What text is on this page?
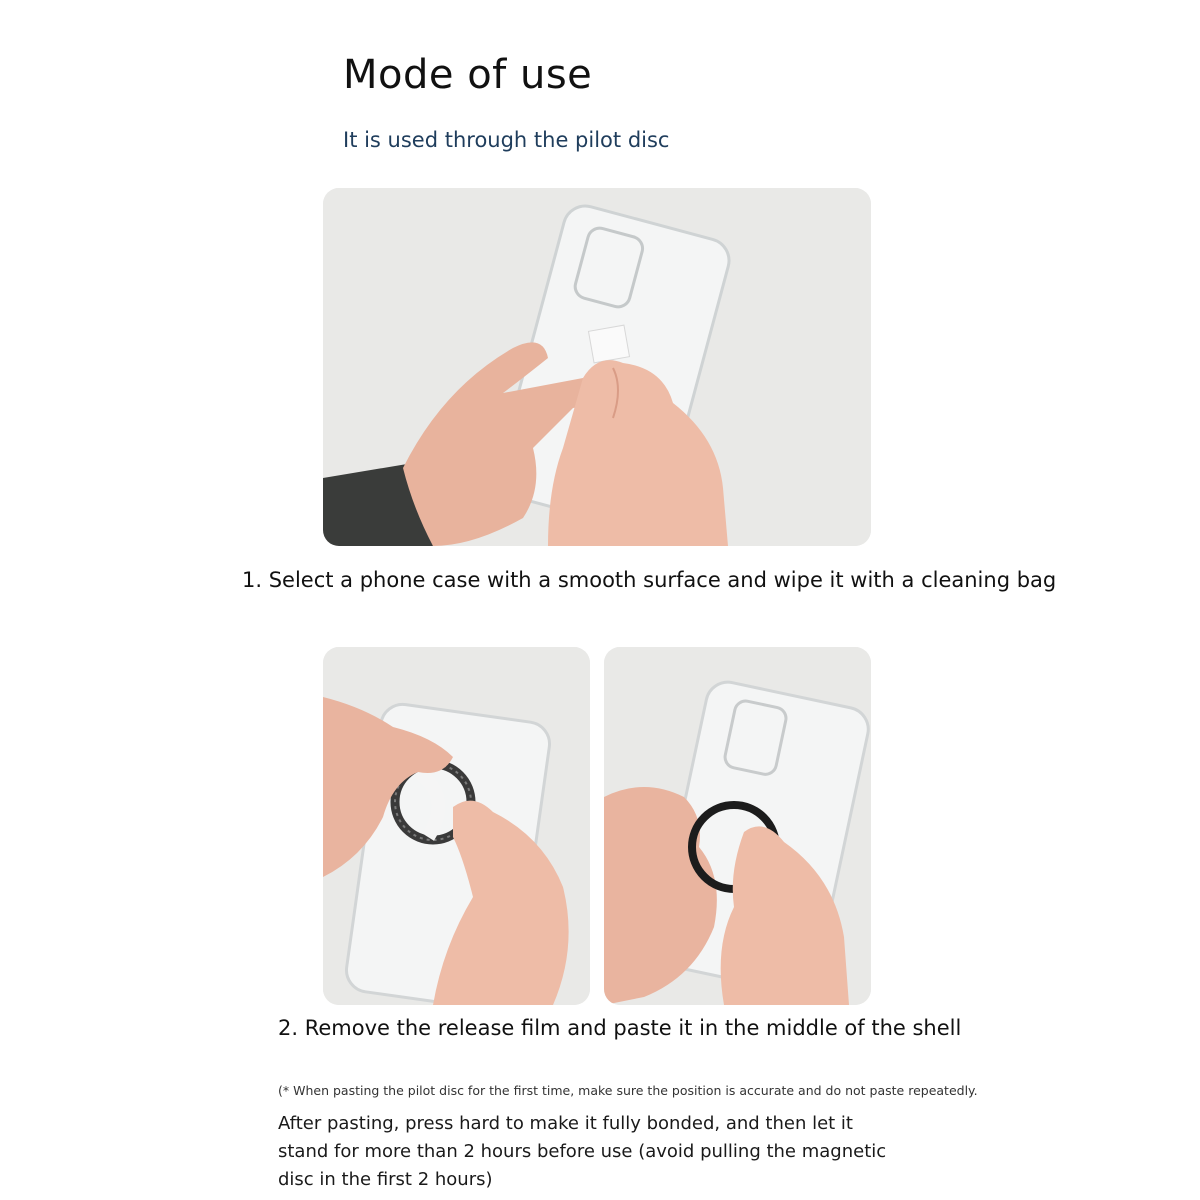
Mode of use
It is used through the pilot disc
1. Select a phone case with a smooth surface and wipe it with a cleaning bag
2. Remove the release film and paste it in the middle of the shell
(* When pasting the pilot disc for the first time, make sure the position is accurate and do not paste repeatedly.
After pasting, press hard to make it fully bonded, and then let it stand for more than 2 hours before use (avoid pulling the magnetic disc in the first 2 hours)
